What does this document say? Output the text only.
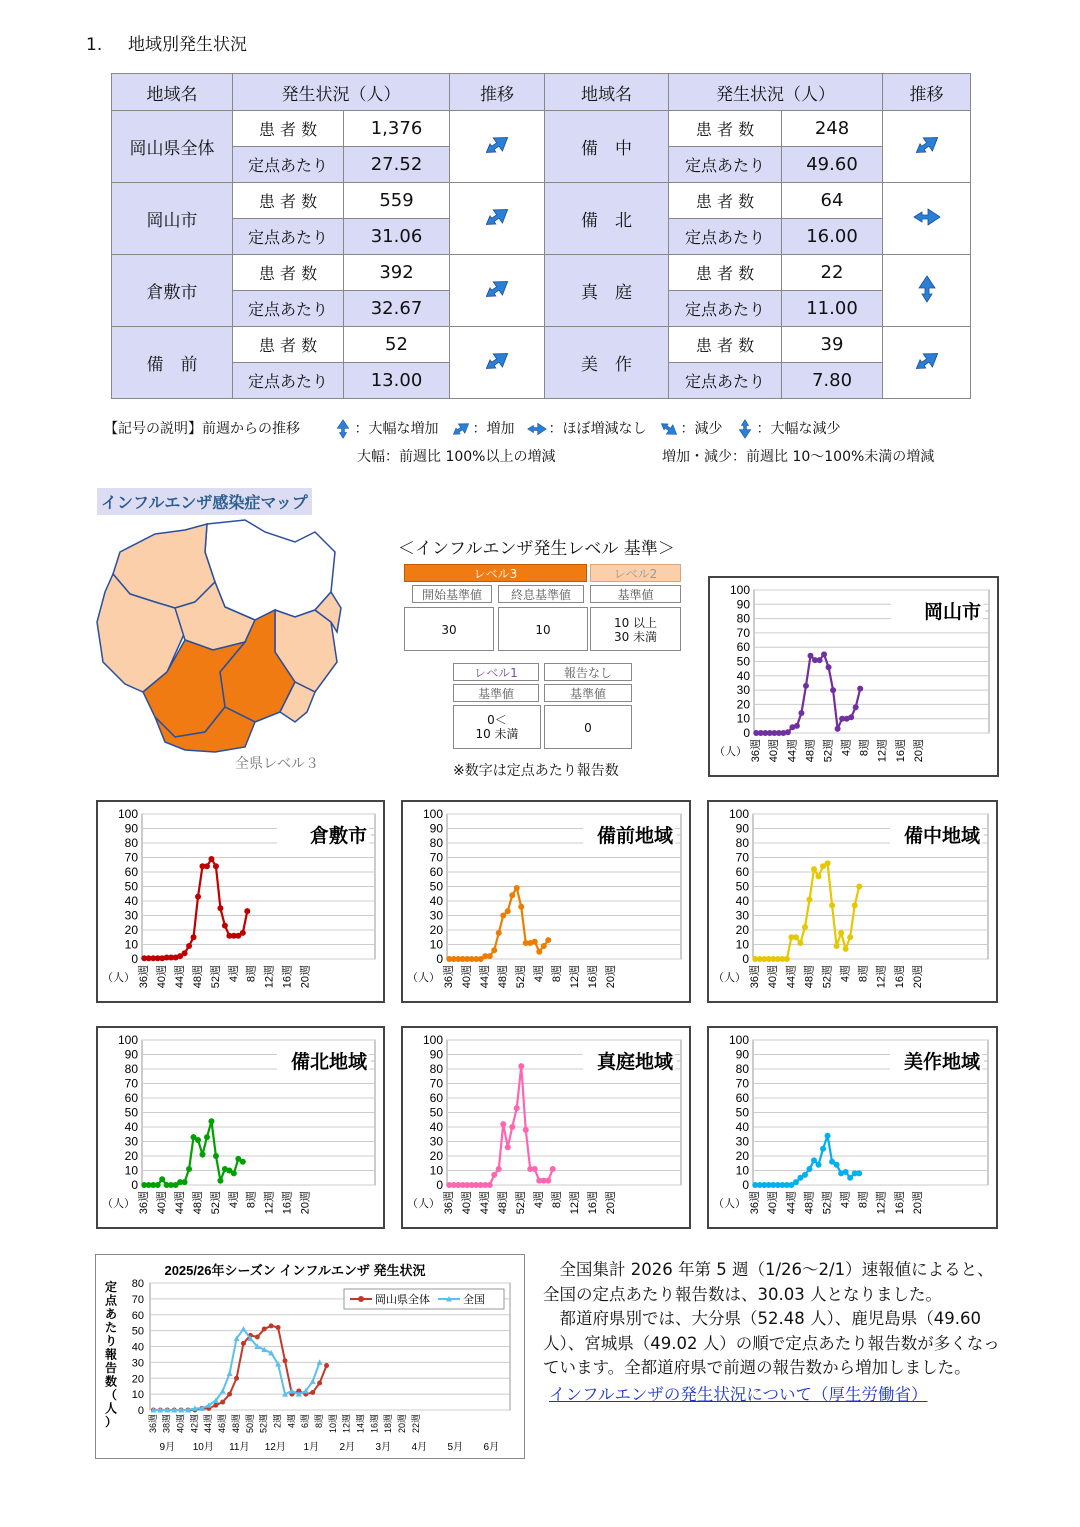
1. 地域別発生状況
地域名	発生状況（人）		推移	地域名	発生状況（人）		推移
岡山県全体	患 者 数	1,376		備　中	患 者 数	248	
	定点あたり	27.52			定点あたり	49.60	
岡山市	患 者 数	559		備　北	患 者 数	64	
	定点あたり	31.06			定点あたり	16.00	
倉敷市	患 者 数	392		真　庭	患 者 数	22	
	定点あたり	32.67			定点あたり	11.00	
備　前	患 者 数	52		美　作	患 者 数	39	
	定点あたり	13.00			定点あたり	7.80	
【記号の説明】前週からの推移	：大幅な増加 ：増加 ：ほぼ増減なし ：減少 ：大幅な減少
大幅：前週比 100%以上の増減	増加・減少：前週比 10～100%未満の増減
インフルエンザ感染症マップ
全県レベル３
＜インフルエンザ発生レベル 基準＞
レベル3	レベル2
開始基準値	終息基準値	基準値
30	10	10 以上
30 未満
レベル1	報告なし
基準値	基準値
0＜
10 未満	0
※数字は定点あたり報告数
0
10
20
30
40
50
60
70
80
90
100
36週 40週 44週 48週 52週 4週 8週 12週 16週 20週
（人）
岡山市
0
10
20
30
40
50
60
70
80
90
100
36週 40週 44週 48週 52週 4週 8週 12週 16週 20週
（人）
倉敷市
0
10
20
30
40
50
60
70
80
90
100
36週 40週 44週 48週 52週 4週 8週 12週 16週 20週
（人）
備前地域
0
10
20
30
40
50
60
70
80
90
100
36週 40週 44週 48週 52週 4週 8週 12週 16週 20週
（人）
備中地域
0
10
20
30
40
50
60
70
80
90
100
36週 40週 44週 48週 52週 4週 8週 12週 16週 20週
（人）
備北地域
0
10
20
30
40
50
60
70
80
90
100
36週 40週 44週 48週 52週 4週 8週 12週 16週 20週
（人）
真庭地域
0
10
20
30
40
50
60
70
80
90
100
36週 40週 44週 48週 52週 4週 8週 12週 16週 20週
（人）
美作地域
2025/26年シーズン インフルエンザ 発生状況
0
10
20
30
40
50
60
70
80
定
点
あ
た
り
報
告
数
（
人
）	36週 38週 40週 42週 44週 46週 48週 50週 52週 2週 4週 6週 8週 10週 12週 14週 16週 18週 20週 22週
9月 10月 11月 12月 1月 2月 3月 4月 5月 6月
岡山県全体	全国

全国集計 2026 年第 5 週（1/26～2/1）速報値によると、全国の定点あたり報告数は、30.03 人となりました。

都道府県別では、大分県（52.48 人）、鹿児島県（49.60 人）、宮城県（49.02 人）の順で定点あたり報告数が多くなっています。全都道府県で前週の報告数から増加しました。

インフルエンザの発生状況について（厚生労働省）
